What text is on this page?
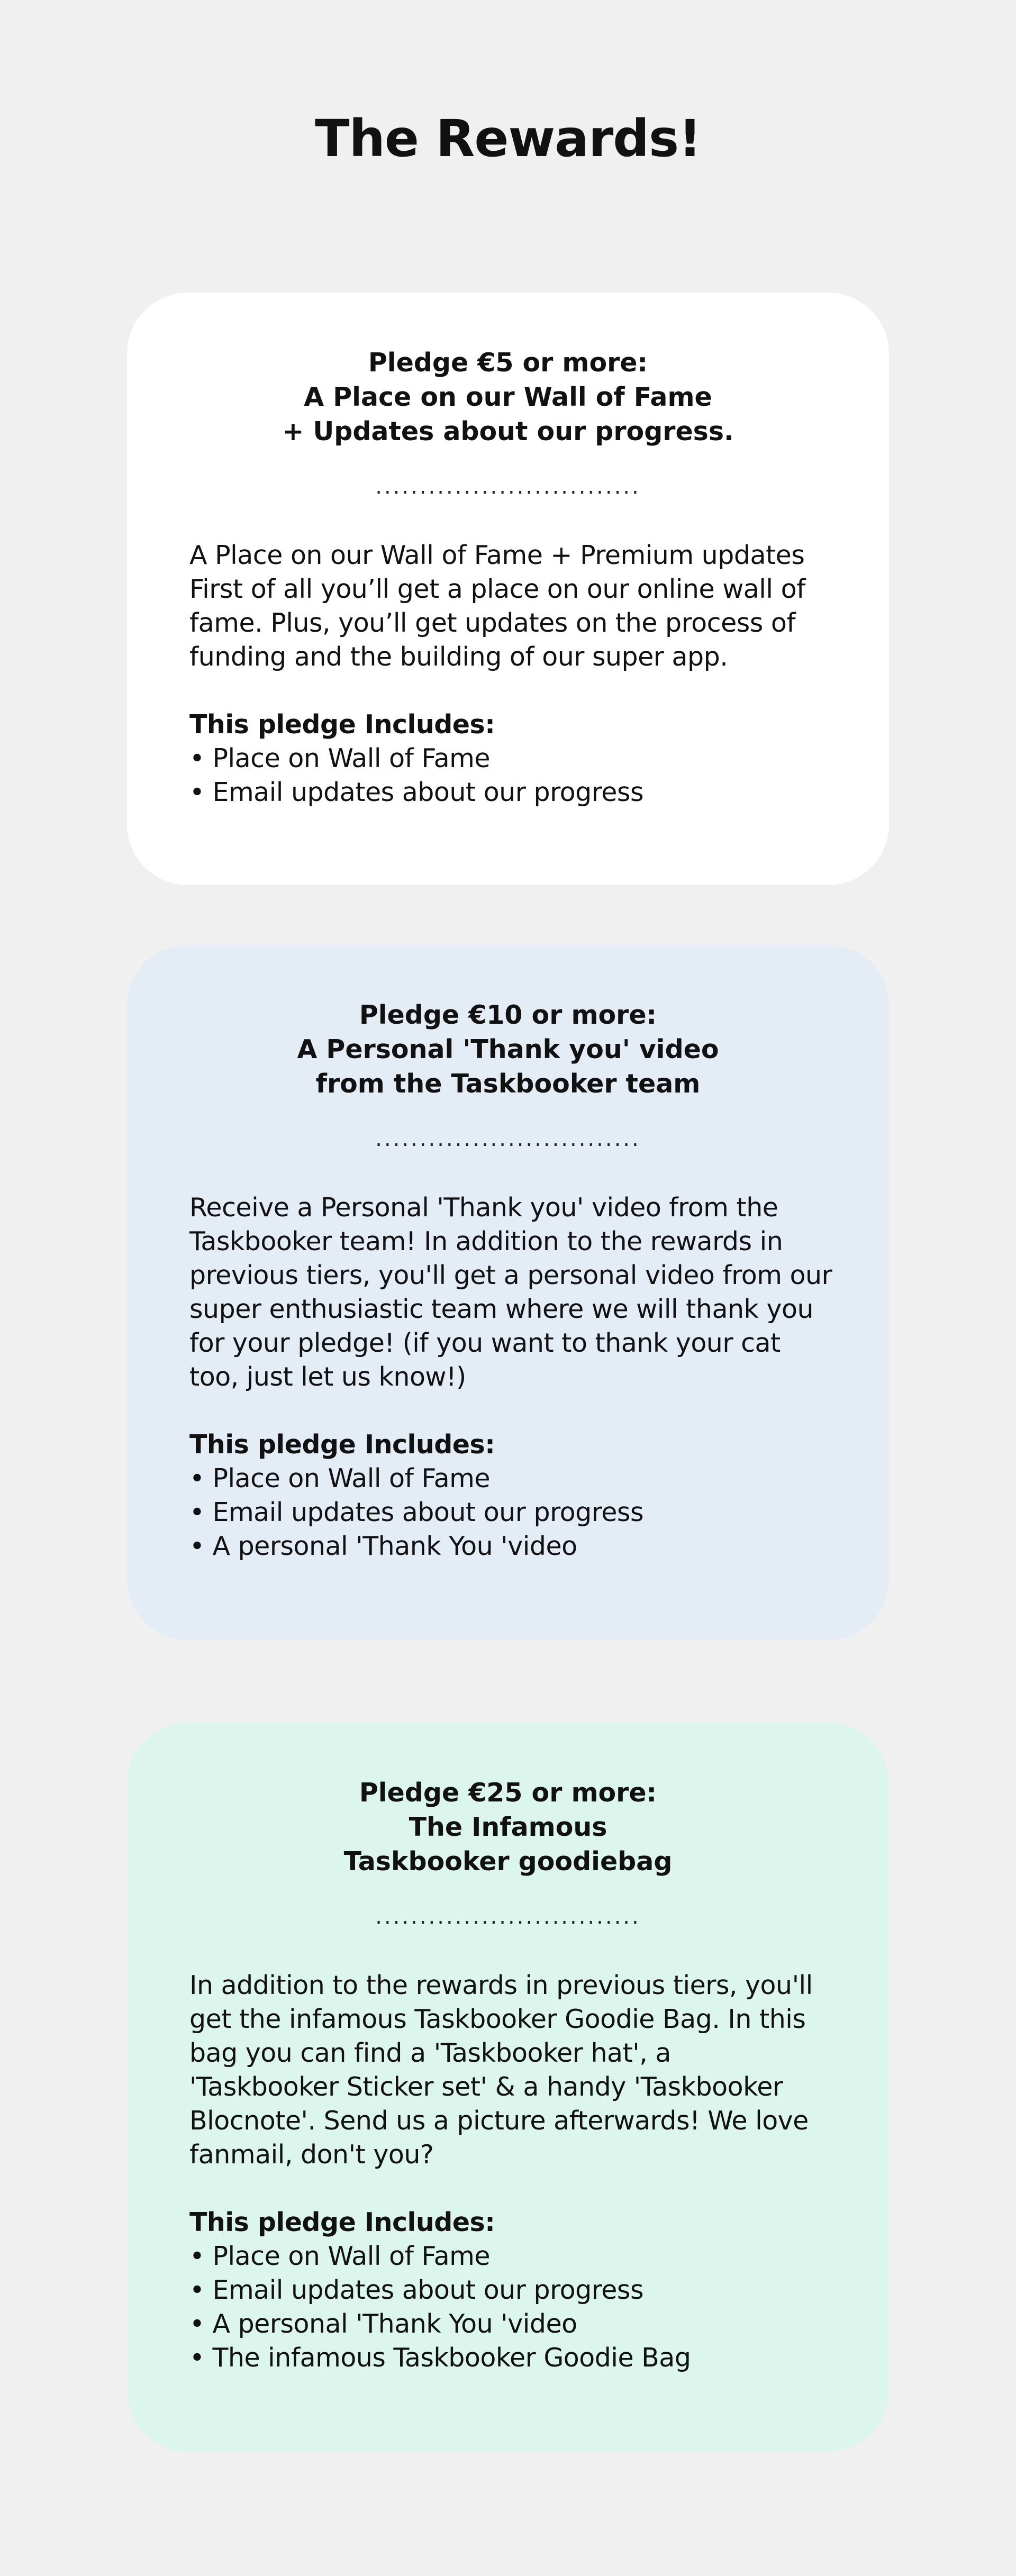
The Rewards!
Pledge €5 or more:
A Place on our Wall of Fame
+ Updates about our progress.
..............................
A Place on our Wall of Fame + Premium updates
First of all you’ll get a place on our online wall of
fame. Plus, you’ll get updates on the process of
funding and the building of our super app.
This pledge Includes:
• Place on Wall of Fame
• Email updates about our progress
Pledge €10 or more:
A Personal 'Thank you' video
from the Taskbooker team
..............................
Receive a Personal 'Thank you' video from the
Taskbooker team! In addition to the rewards in
previous tiers, you'll get a personal video from our
super enthusiastic team where we will thank you
for your pledge! (if you want to thank your cat
too, just let us know!)
This pledge Includes:
• Place on Wall of Fame
• Email updates about our progress
• A personal 'Thank You 'video
Pledge €25 or more:
The Infamous
Taskbooker goodiebag
..............................
In addition to the rewards in previous tiers, you'll
get the infamous Taskbooker Goodie Bag. In this
bag you can find a 'Taskbooker hat', a
'Taskbooker Sticker set' & a handy 'Taskbooker
Blocnote'. Send us a picture afterwards! We love
fanmail, don't you?
This pledge Includes:
• Place on Wall of Fame
• Email updates about our progress
• A personal 'Thank You 'video
• The infamous Taskbooker Goodie Bag
